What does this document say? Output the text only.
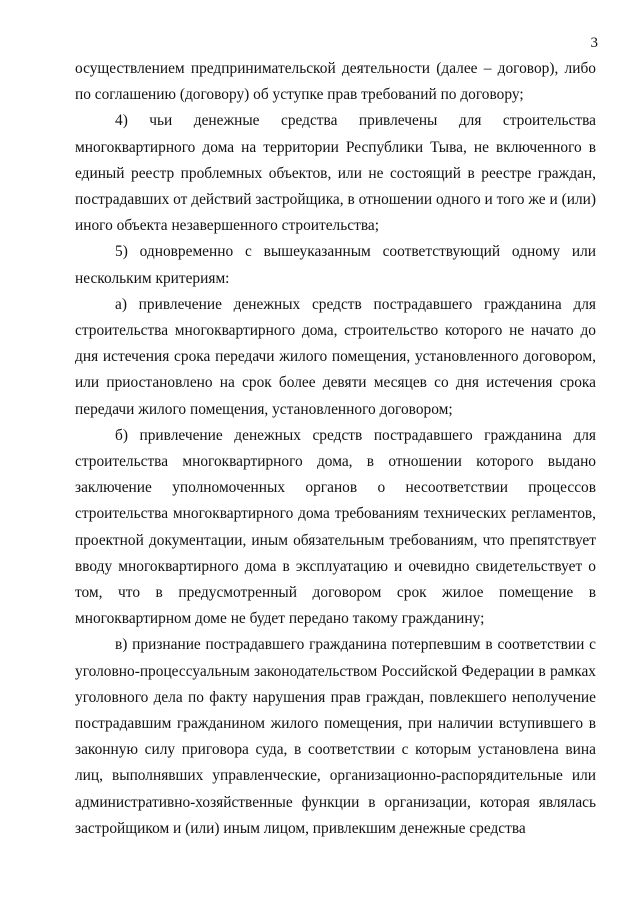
3

осуществлением предпринимательской деятельности (далее – договор), либо по соглашению (договору) об уступке прав требований по договору;

4) чьи денежные средства привлечены для строительства многоквартирного дома на территории Республики Тыва, не включенного в единый реестр проблемных объектов, или не состоящий в реестре граждан, пострадавших от действий застройщика, в отношении одного и того же и (или) иного объекта незавершенного строительства;

5) одновременно с вышеуказанным соответствующий одному или нескольким критериям:

а) привлечение денежных средств пострадавшего гражданина для строительства многоквартирного дома, строительство которого не начато до дня истечения срока передачи жилого помещения, установленного договором, или приостановлено на срок более девяти месяцев со дня истечения срока передачи жилого помещения, установленного договором;

б) привлечение денежных средств пострадавшего гражданина для строительства многоквартирного дома, в отношении которого выдано заключение уполномоченных органов о несоответствии процессов строительства многоквартирного дома требованиям технических регламентов, проектной документации, иным обязательным требованиям, что препятствует вводу многоквартирного дома в эксплуатацию и очевидно свидетельствует о том, что в предусмотренный договором срок жилое помещение в многоквартирном доме не будет передано такому гражданину;

в) признание пострадавшего гражданина потерпевшим в соответствии с уголовно-процессуальным законодательством Российской Федерации в рамках уголовного дела по факту нарушения прав граждан, повлекшего неполучение пострадавшим гражданином жилого помещения, при наличии вступившего в законную силу приговора суда, в соответствии с которым установлена вина лиц, выполнявших управленческие, организационно-распорядительные или административно-хозяйственные функции в организации, которая являлась застройщиком и (или) иным лицом, привлекшим денежные средства
